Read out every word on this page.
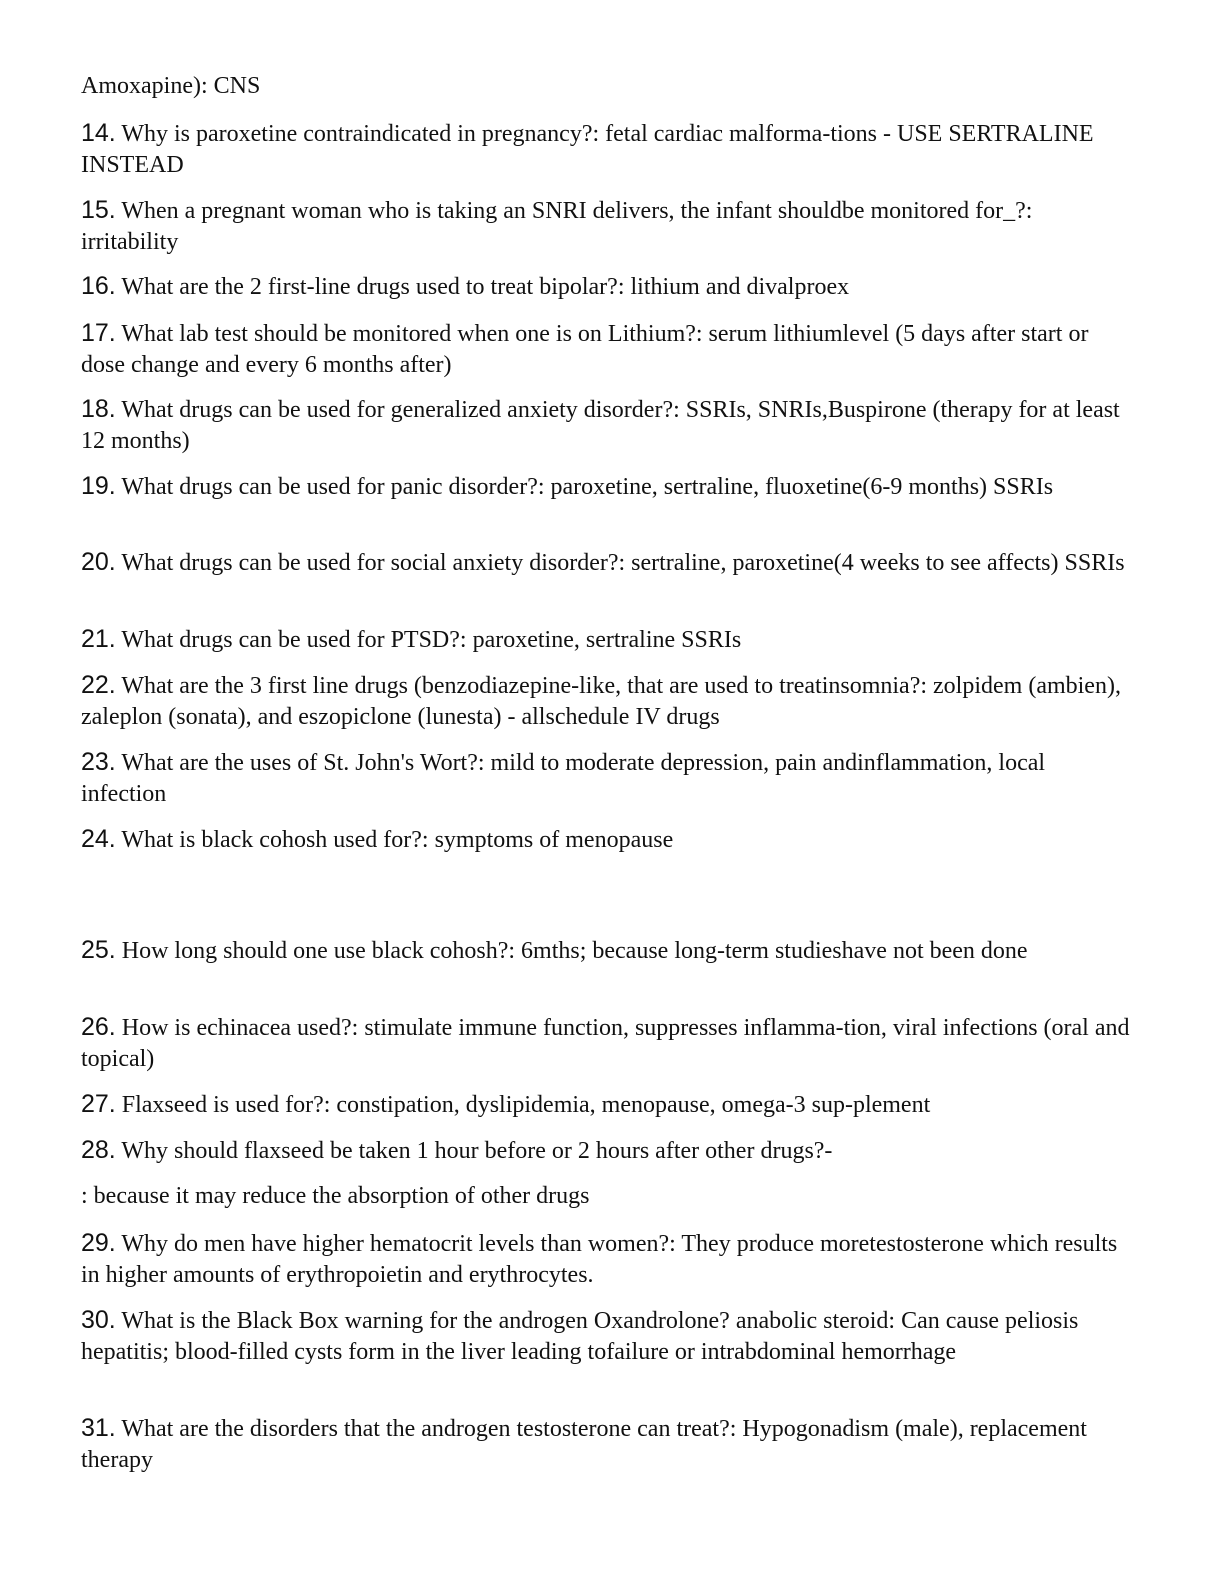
Amoxapine): CNS

14. Why is paroxetine contraindicated in pregnancy?: fetal cardiac malforma-tions - USE SERTRALINE INSTEAD

15. When a pregnant woman who is taking an SNRI delivers, the infant shouldbe monitored for_?: irritability

16. What are the 2 first-line drugs used to treat bipolar?: lithium and divalproex

17. What lab test should be monitored when one is on Lithium?: serum lithiumlevel (5 days after start or dose change and every 6 months after)

18. What drugs can be used for generalized anxiety disorder?: SSRIs, SNRIs,Buspirone (therapy for at least 12 months)

19. What drugs can be used for panic disorder?: paroxetine, sertraline, fluoxetine(6-9 months) SSRIs

20. What drugs can be used for social anxiety disorder?: sertraline, paroxetine(4 weeks to see affects) SSRIs

21. What drugs can be used for PTSD?: paroxetine, sertraline SSRIs

22. What are the 3 first line drugs (benzodiazepine-like, that are used to treatinsomnia?: zolpidem (ambien), zaleplon (sonata), and eszopiclone (lunesta) - allschedule IV drugs

23. What are the uses of St. John's Wort?: mild to moderate depression, pain andinflammation, local infection

24. What is black cohosh used for?: symptoms of menopause

25. How long should one use black cohosh?: 6mths; because long-term studieshave not been done

26. How is echinacea used?: stimulate immune function, suppresses inflamma-tion, viral infections (oral and topical)

27. Flaxseed is used for?: constipation, dyslipidemia, menopause, omega-3 sup-plement

28. Why should flaxseed be taken 1 hour before or 2 hours after other drugs?-

: because it may reduce the absorption of other drugs

29. Why do men have higher hematocrit levels than women?: They produce moretestosterone which results in higher amounts of erythropoietin and erythrocytes.

30. What is the Black Box warning for the androgen Oxandrolone? anabolic steroid: Can cause peliosis hepatitis; blood-filled cysts form in the liver leading tofailure or intrabdominal hemorrhage

31. What are the disorders that the androgen testosterone can treat?: Hypogonadism (male), replacement therapy
